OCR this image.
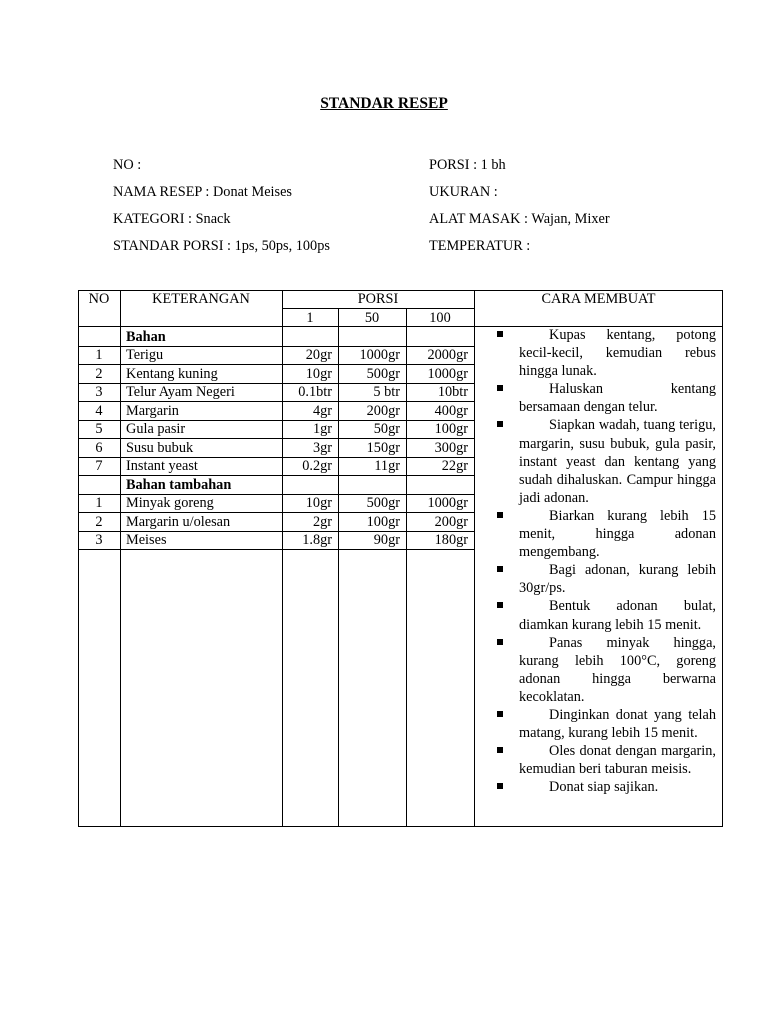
STANDAR RESEP
NO :
NAMA RESEP : Donat Meises
KATEGORI : Snack
STANDAR PORSI : 1ps, 50ps, 100ps
PORSI : 1 bh
UKURAN :
ALAT MASAK : Wajan, Mixer
TEMPERATUR :
NO	KETERANGAN	PORSI	CARA MEMBUAT
1	50	100
Bahan
1	Terigu	20gr	1000gr	2000gr
2	Kentang kuning	10gr	500gr	1000gr
3	Telur Ayam Negeri	0.1btr	5 btr	10btr
4	Margarin	4gr	200gr	400gr
5	Gula pasir	1gr	50gr	100gr
6	Susu bubuk	3gr	150gr	300gr
7	Instant yeast	0.2gr	11gr	22gr
Bahan tambahan
1	Minyak goreng	10gr	500gr	1000gr
2	Margarin u/olesan	2gr	100gr	200gr
3	Meises	1.8gr	90gr	180gr
Kupas kentang, potong kecil-kecil, kemudian rebus hingga lunak.
Haluskan kentang bersamaan dengan telur.
Siapkan wadah, tuang terigu, margarin, susu bubuk, gula pasir, instant yeast dan kentang yang sudah dihaluskan. Campur hingga jadi adonan.
Biarkan kurang lebih 15 menit, hingga adonan mengembang.
Bagi adonan, kurang lebih 30gr/ps.
Bentuk adonan bulat, diamkan kurang lebih 15 menit.
Panas minyak hingga, kurang lebih 100°C, goreng adonan hingga berwarna kecoklatan.
Dinginkan donat yang telah matang, kurang lebih 15 menit.
Oles donat dengan margarin, kemudian beri taburan meisis.
Donat siap sajikan.
